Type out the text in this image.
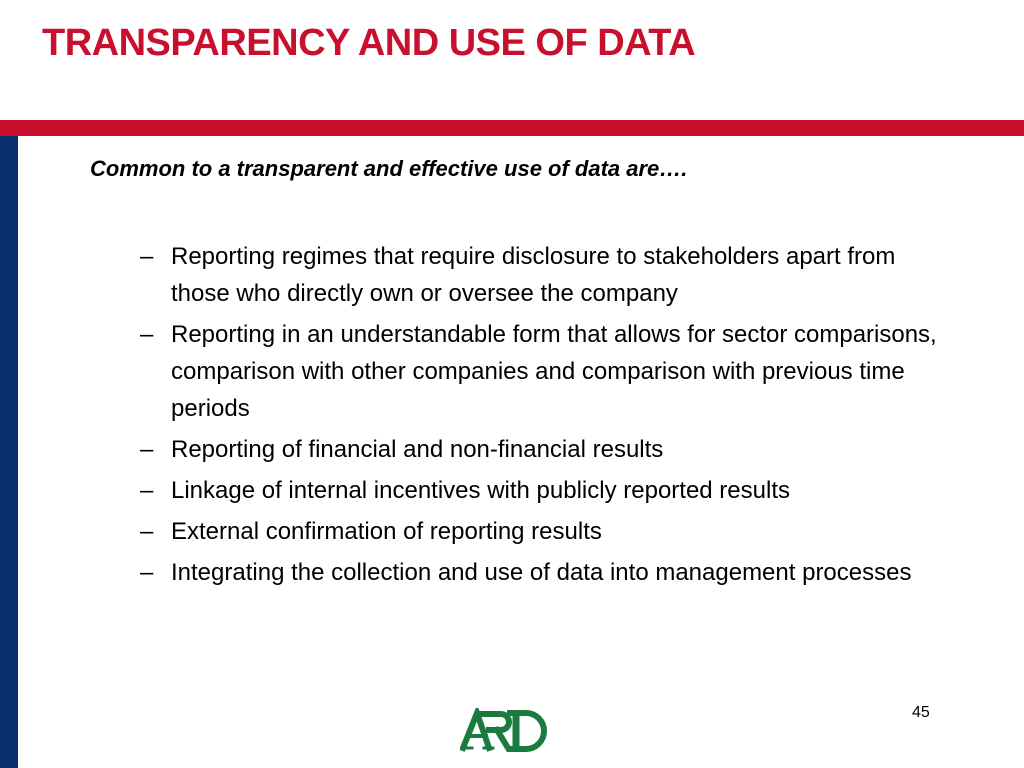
TRANSPARENCY AND USE OF DATA

Common to a transparent and effective use of data are….

– Reporting regimes that require disclosure to stakeholders apart from those who directly own or oversee the company
– Reporting in an understandable form that allows for sector comparisons, comparison with other companies and comparison with previous time periods
– Reporting of financial and non-financial results
– Linkage of internal incentives with publicly reported results
– External confirmation of reporting results
– Integrating the collection and use of data into management processes
45
